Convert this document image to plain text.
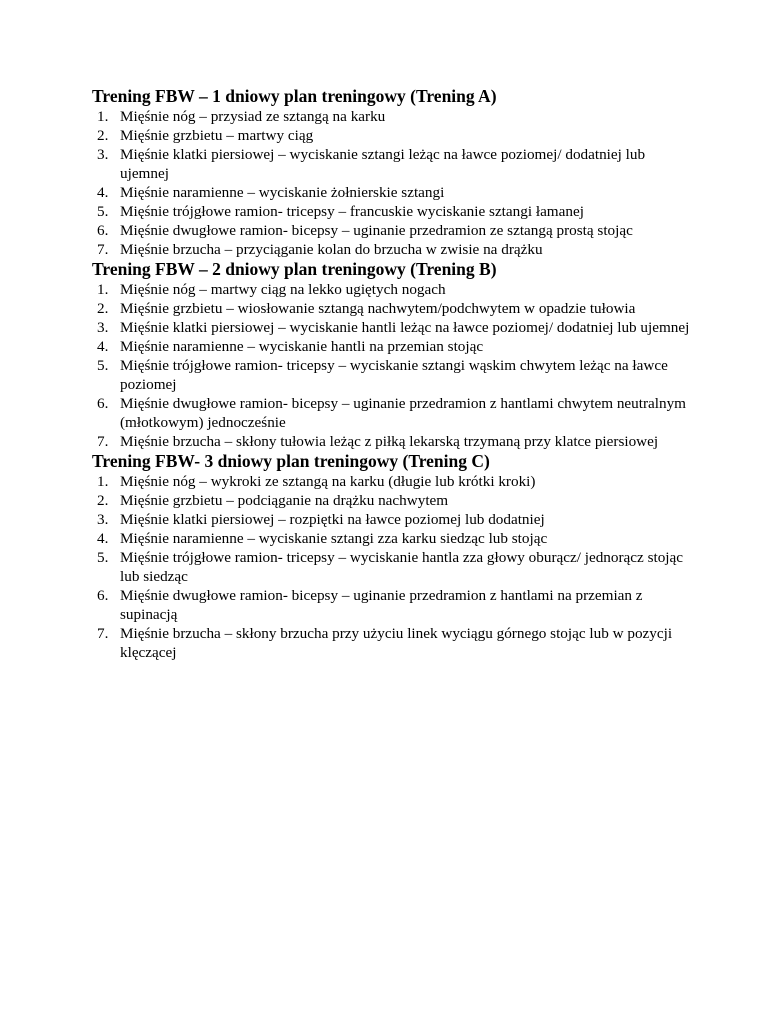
Trening FBW – 1 dniowy plan treningowy (Trening A)
1. Mięśnie nóg – przysiad ze sztangą na karku
2. Mięśnie grzbietu – martwy ciąg
3. Mięśnie klatki piersiowej – wyciskanie sztangi leżąc na ławce poziomej/ dodatniej lub ujemnej
4. Mięśnie naramienne – wyciskanie żołnierskie sztangi
5. Mięśnie trójgłowe ramion- tricepsy – francuskie wyciskanie sztangi łamanej
6. Mięśnie dwugłowe ramion- bicepsy – uginanie przedramion ze sztangą prostą stojąc
7. Mięśnie brzucha – przyciąganie kolan do brzucha w zwisie na drążku
Trening FBW – 2 dniowy plan treningowy (Trening B)
1. Mięśnie nóg – martwy ciąg na lekko ugiętych nogach
2. Mięśnie grzbietu – wiosłowanie sztangą nachwytem/podchwytem w opadzie tułowia
3. Mięśnie klatki piersiowej – wyciskanie hantli leżąc na ławce poziomej/ dodatniej lub ujemnej
4. Mięśnie naramienne – wyciskanie hantli na przemian stojąc
5. Mięśnie trójgłowe ramion- tricepsy – wyciskanie sztangi wąskim chwytem leżąc na ławce poziomej
6. Mięśnie dwugłowe ramion- bicepsy – uginanie przedramion z hantlami chwytem neutralnym (młotkowym) jednocześnie
7. Mięśnie brzucha – skłony tułowia leżąc z piłką lekarską trzymaną przy klatce piersiowej
Trening FBW- 3 dniowy plan treningowy (Trening C)
1. Mięśnie nóg – wykroki ze sztangą na karku (długie lub krótki kroki)
2. Mięśnie grzbietu – podciąganie na drążku nachwytem
3. Mięśnie klatki piersiowej – rozpiętki na ławce poziomej lub dodatniej
4. Mięśnie naramienne – wyciskanie sztangi zza karku siedząc lub stojąc
5. Mięśnie trójgłowe ramion- tricepsy – wyciskanie hantla zza głowy oburącz/ jednorącz stojąc lub siedząc
6. Mięśnie dwugłowe ramion- bicepsy – uginanie przedramion z hantlami na przemian z supinacją
7. Mięśnie brzucha – skłony brzucha przy użyciu linek wyciągu górnego stojąc lub w pozycji klęczącej
